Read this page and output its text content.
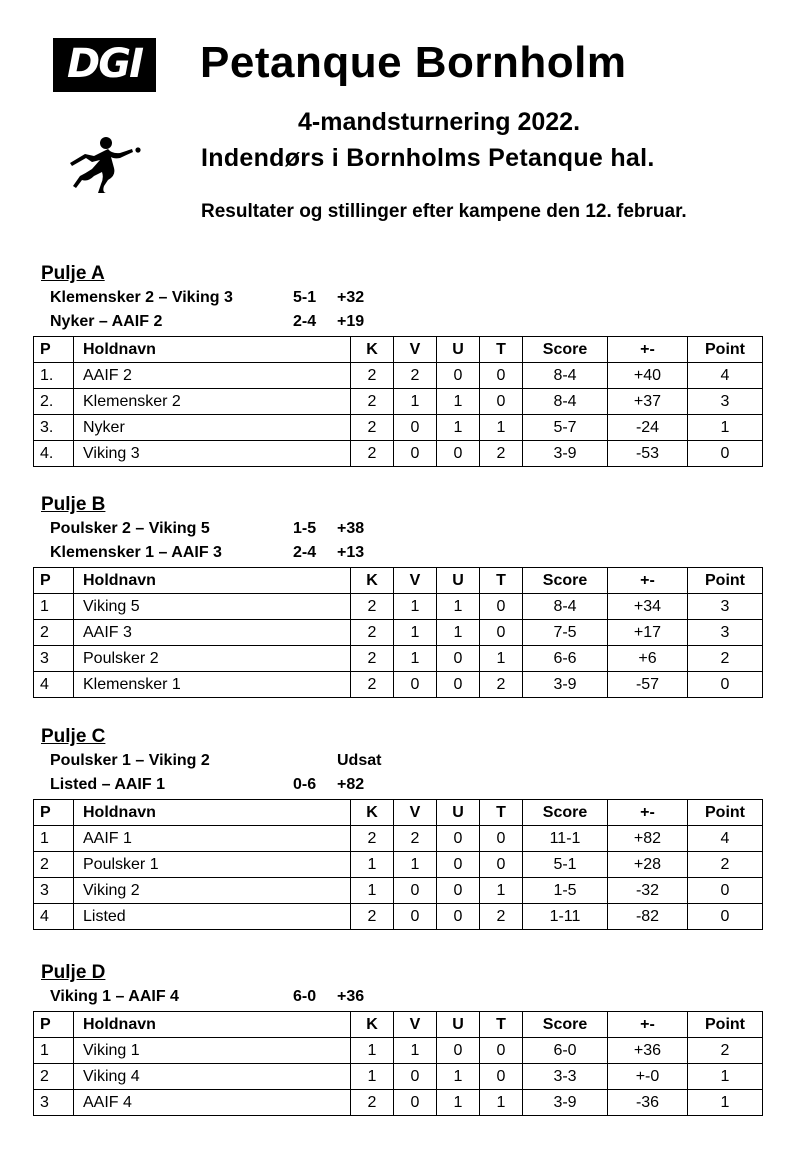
DGI	Petanque Bornholm
4-mandsturnering 2022.
Indendørs i Bornholms Petanque hal.
Resultater og stillinger efter kampene den 12. februar.
Pulje A
Klemensker 2 – Viking 3	5-1 +32
Nyker – AAIF 2	2-4 +19
P	Holdnavn	K	V	U	T	Score	+-	Point
1.	AAIF 2	2	2	0	0	8-4	+40	4
2.	Klemensker 2	2	1	1	0	8-4	+37	3
3.	Nyker	2	0	1	1	5-7	-24	1
4.	Viking 3	2	0	0	2	3-9	-53	0
Pulje B
Poulsker 2 – Viking 5	1-5 +38
Klemensker 1 – AAIF 3	2-4 +13
P	Holdnavn	K	V	U	T	Score	+-	Point
1	Viking 5	2	1	1	0	8-4	+34	3
2	AAIF 3	2	1	1	0	7-5	+17	3
3	Poulsker 2	2	1	0	1	6-6	+6	2
4	Klemensker 1	2	0	0	2	3-9	-57	0
Pulje C
Poulsker 1 – Viking 2	Udsat
Listed – AAIF 1	0-6 +82
P	Holdnavn	K	V	U	T	Score	+-	Point
1	AAIF 1	2	2	0	0	11-1	+82	4
2	Poulsker 1	1	1	0	0	5-1	+28	2
3	Viking 2	1	0	0	1	1-5	-32	0
4	Listed	2	0	0	2	1-11	-82	0
Pulje D
Viking 1 – AAIF 4	6-0 +36
P	Holdnavn	K	V	U	T	Score	+-	Point
1	Viking 1	1	1	0	0	6-0	+36	2
2	Viking 4	1	0	1	0	3-3	+-0	1
3	AAIF 4	2	0	1	1	3-9	-36	1
